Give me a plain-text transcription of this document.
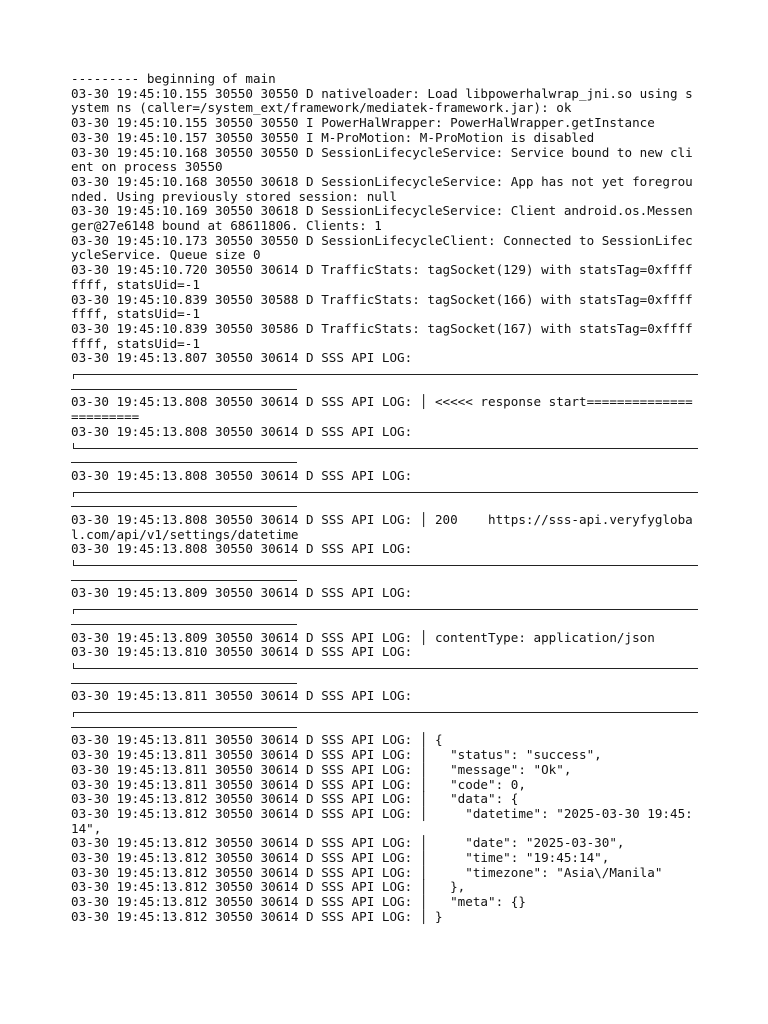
--------- beginning of main

03-30 19:45:10.155 30550 30550 D nativeloader: Load libpowerhalwrap_jni.so using system ns (caller=/system_ext/framework/mediatek-framework.jar): ok

03-30 19:45:10.155 30550 30550 I PowerHalWrapper: PowerHalWrapper.getInstance

03-30 19:45:10.157 30550 30550 I M-ProMotion: M-ProMotion is disabled

03-30 19:45:10.168 30550 30550 D SessionLifecycleService: Service bound to new client on process 30550

03-30 19:45:10.168 30550 30618 D SessionLifecycleService: App has not yet foregrounded. Using previously stored session: null

03-30 19:45:10.169 30550 30618 D SessionLifecycleService: Client android.os.Messenger@27e6148 bound at 68611806. Clients: 1

03-30 19:45:10.173 30550 30550 D SessionLifecycleClient: Connected to SessionLifecycleService. Queue size 0

03-30 19:45:10.720 30550 30614 D TrafficStats: tagSocket(129) with statsTag=0xffffffff, statsUid=-1

03-30 19:45:10.839 30550 30588 D TrafficStats: tagSocket(166) with statsTag=0xffffffff, statsUid=-1

03-30 19:45:10.839 30550 30586 D TrafficStats: tagSocket(167) with statsTag=0xffffffff, statsUid=-1

03-30 19:45:13.807 30550 30614 D SSS API LOG:

03-30 19:45:13.808 30550 30614 D SSS API LOG: │ <<<<< response start=======================

03-30 19:45:13.808 30550 30614 D SSS API LOG:

03-30 19:45:13.808 30550 30614 D SSS API LOG:

03-30 19:45:13.808 30550 30614 D SSS API LOG: │ 200    https://sss-api.veryfyglobal.com/api/v1/settings/datetime

03-30 19:45:13.808 30550 30614 D SSS API LOG:

03-30 19:45:13.809 30550 30614 D SSS API LOG:

03-30 19:45:13.809 30550 30614 D SSS API LOG: │ contentType: application/json

03-30 19:45:13.810 30550 30614 D SSS API LOG:

03-30 19:45:13.811 30550 30614 D SSS API LOG:

03-30 19:45:13.811 30550 30614 D SSS API LOG: │ {

03-30 19:45:13.811 30550 30614 D SSS API LOG: │   "status": "success",

03-30 19:45:13.811 30550 30614 D SSS API LOG: │   "message": "Ok",

03-30 19:45:13.811 30550 30614 D SSS API LOG: │   "code": 0,

03-30 19:45:13.812 30550 30614 D SSS API LOG: │   "data": {

03-30 19:45:13.812 30550 30614 D SSS API LOG: │     "datetime": "2025-03-30 19:45:14",

03-30 19:45:13.812 30550 30614 D SSS API LOG: │     "date": "2025-03-30",

03-30 19:45:13.812 30550 30614 D SSS API LOG: │     "time": "19:45:14",

03-30 19:45:13.812 30550 30614 D SSS API LOG: │     "timezone": "Asia\/Manila"

03-30 19:45:13.812 30550 30614 D SSS API LOG: │   },

03-30 19:45:13.812 30550 30614 D SSS API LOG: │   "meta": {}

03-30 19:45:13.812 30550 30614 D SSS API LOG: │ }
